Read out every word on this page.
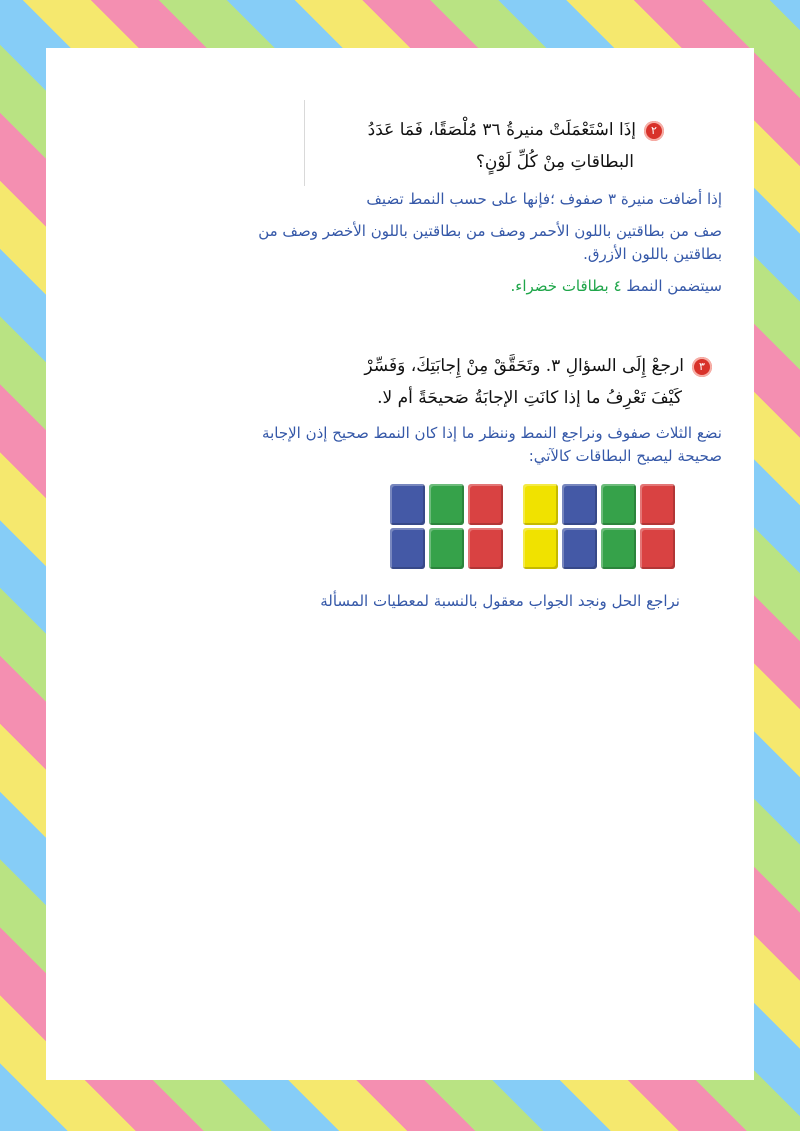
٢إذَا اسْتَعْمَلَتْ منيرةُ ٣٦ مُلْصَقًا، فَمَا عَدَدُ
البطاقاتِ مِنْ كُلِّ لَوْنٍ؟
إذا أضافت منيرة ٣ صفوف ؛فإنها على حسب النمط تضيف
صف من بطاقتين باللون الأحمر وصف من بطاقتين باللون الأخضر وصف من
بطاقتين باللون الأزرق.
سيتضمن النمط ٤ بطاقات خضراء.
٣ارجعْ إِلَى السؤالِ ٣. وتَحَقَّقْ مِنْ إِجابَتِكَ، وَفَسِّرْ
كَيْفَ تَعْرِفُ ما إذا كانَتِ الإجابَةُ صَحيحَةً أم لا.
نضع الثلاث صفوف ونراجع النمط وننظر ما إذا كان النمط صحيح إذن الإجابة
صحيحة ليصبح البطاقات كالآتي:
نراجع الحل ونجد الجواب معقول بالنسبة لمعطيات المسألة
